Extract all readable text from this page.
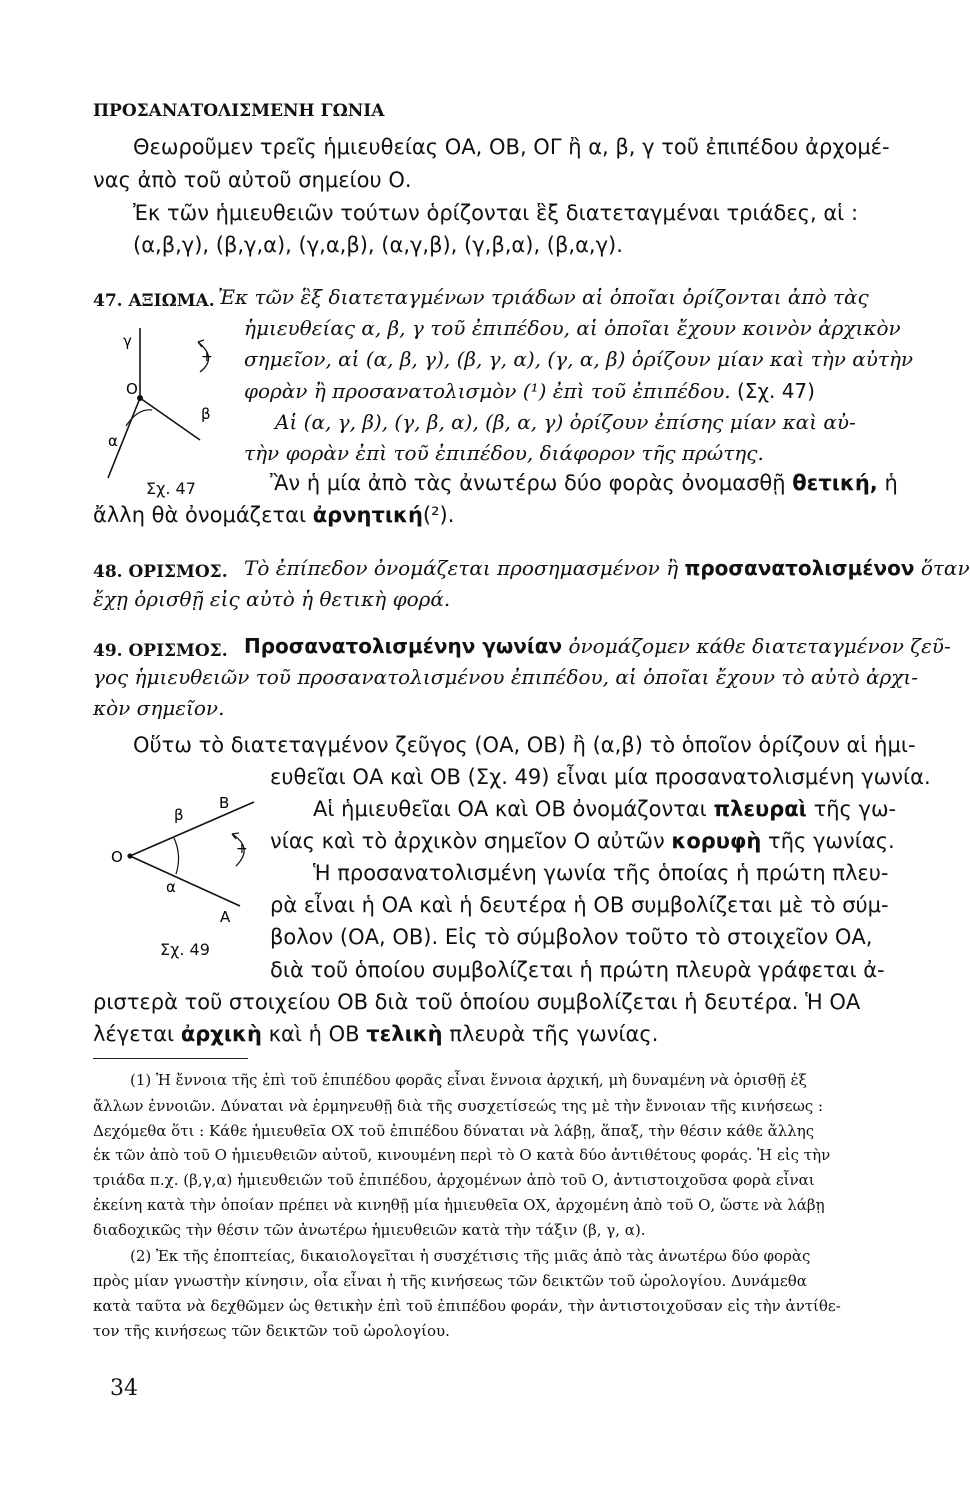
ΠΡΟΣΑΝΑΤΟΛΙΣΜΕΝΗ ΓΩΝΙΑ
Θεωροῦμεν τρεῖς ἡμιευθείας ΟΑ, ΟΒ, ΟΓ ἢ α, β, γ τοῦ ἐπιπέδου ἀρχομέ-
νας ἀπὸ τοῦ αὐτοῦ σημείου Ο.
Ἐκ τῶν ἡμιευθειῶν τούτων ὁρίζονται ἓξ διατεταγμέναι τριάδες, αἱ :
(α,β,γ), (β,γ,α), (γ,α,β), (α,γ,β), (γ,β,α), (β,α,γ).
47. ΑΞΙΩΜΑ. Ἐκ τῶν ἓξ διατεταγμένων τριάδων αἱ ὁποῖαι ὁρίζονται ἀπὸ τὰς
ἡμιευθείας α, β, γ τοῦ ἐπιπέδου, αἱ ὁποῖαι ἔχουν κοινὸν ἀρχικὸν
σημεῖον, αἱ (α, β, γ), (β, γ, α), (γ, α, β) ὁρίζουν μίαν καὶ τὴν αὐτὴν
φορὰν ἢ προσανατολισμὸν (¹) ἐπὶ τοῦ ἐπιπέδου. (Σχ. 47)
Αἱ (α, γ, β), (γ, β, α), (β, α, γ) ὁρίζουν ἐπίσης μίαν καὶ αὐ-
τὴν φορὰν ἐπὶ τοῦ ἐπιπέδου, διάφορον τῆς πρώτης.
Ἂν ἡ μία ἀπὸ τὰς ἀνωτέρω δύο φορὰς ὀνομασθῇ θετική, ἡ
ἄλλη θὰ ὀνομάζεται ἀρνητική(²).
+
γ
O
β
α
Σχ. 47
48. ΟΡΙΣΜΟΣ. Τὸ ἐπίπεδον ὀνομάζεται προσημασμένον ἢ προσανατολισμένον ὅταν
ἔχῃ ὁρισθῇ εἰς αὐτὸ ἡ θετικὴ φορά.
49. ΟΡΙΣΜΟΣ. Προσανατολισμένην γωνίαν ὀνομάζομεν κάθε διατεταγμένον ζεῦ-
γος ἡμιευθειῶν τοῦ προσανατολισμένου ἐπιπέδου, αἱ ὁποῖαι ἔχουν τὸ αὐτὸ ἀρχι-
κὸν σημεῖον.
Οὕτω τὸ διατεταγμένον ζεῦγος (ΟΑ, ΟΒ) ἢ (α,β) τὸ ὁποῖον ὁρίζουν αἱ ἡμι-
ευθεῖαι ΟΑ καὶ ΟΒ (Σχ. 49) εἶναι μία προσανατολισμένη γωνία.
Αἱ ἡμιευθεῖαι ΟΑ καὶ ΟΒ ὀνομάζονται πλευραὶ τῆς γω-
νίας καὶ τὸ ἀρχικὸν σημεῖον Ο αὐτῶν κορυφὴ τῆς γωνίας.
Ἡ προσανατολισμένη γωνία τῆς ὁποίας ἡ πρώτη πλευ-
ρὰ εἶναι ἡ ΟΑ καὶ ἡ δευτέρα ἡ ΟΒ συμβολίζεται μὲ τὸ σύμ-
βολον (ΟΑ, ΟΒ). Εἰς τὸ σύμβολον τοῦτο τὸ στοιχεῖον ΟΑ,
διὰ τοῦ ὁποίου συμβολίζεται ἡ πρώτη πλευρὰ γράφεται ἀ-
ριστερὰ τοῦ στοιχείου ΟΒ διὰ τοῦ ὁποίου συμβολίζεται ἡ δευτέρα. Ἡ ΟΑ
λέγεται ἀρχικὴ καὶ ἡ ΟΒ τελικὴ πλευρὰ τῆς γωνίας.
+
B
β
O
α
A
Σχ. 49
(1) Ἡ ἔννοια τῆς ἐπὶ τοῦ ἐπιπέδου φορᾶς εἶναι ἔννοια ἀρχική, μὴ δυναμένη νὰ ὁρισθῇ ἐξ
ἄλλων ἐννοιῶν. Δύναται νὰ ἑρμηνευθῇ διὰ τῆς συσχετίσεώς της μὲ τὴν ἔννοιαν τῆς κινήσεως :
Δεχόμεθα ὅτι : Κάθε ἡμιευθεῖα ΟΧ τοῦ ἐπιπέδου δύναται νὰ λάβῃ, ἅπαξ, τὴν θέσιν κάθε ἄλλης
ἐκ τῶν ἀπὸ τοῦ Ο ἡμιευθειῶν αὐτοῦ, κινουμένη περὶ τὸ Ο κατὰ δύο ἀντιθέτους φοράς. Ἡ εἰς τὴν
τριάδα π.χ. (β,γ,α) ἡμιευθειῶν τοῦ ἐπιπέδου, ἀρχομένων ἀπὸ τοῦ Ο, ἀντιστοιχοῦσα φορὰ εἶναι
ἐκείνη κατὰ τὴν ὁποίαν πρέπει νὰ κινηθῇ μία ἡμιευθεῖα ΟΧ, ἀρχομένη ἀπὸ τοῦ Ο, ὥστε νὰ λάβῃ
διαδοχικῶς τὴν θέσιν τῶν ἀνωτέρω ἡμιευθειῶν κατὰ τὴν τάξιν (β, γ, α).
(2) Ἐκ τῆς ἐποπτείας, δικαιολογεῖται ἡ συσχέτισις τῆς μιᾶς ἀπὸ τὰς ἀνωτέρω δύο φορὰς
πρὸς μίαν γνωστὴν κίνησιν, οἷα εἶναι ἡ τῆς κινήσεως τῶν δεικτῶν τοῦ ὡρολογίου. Δυνάμεθα
κατὰ ταῦτα νὰ δεχθῶμεν ὡς θετικὴν ἐπὶ τοῦ ἐπιπέδου φοράν, τὴν ἀντιστοιχοῦσαν εἰς τὴν ἀντίθε-
τον τῆς κινήσεως τῶν δεικτῶν τοῦ ὡρολογίου.
34
